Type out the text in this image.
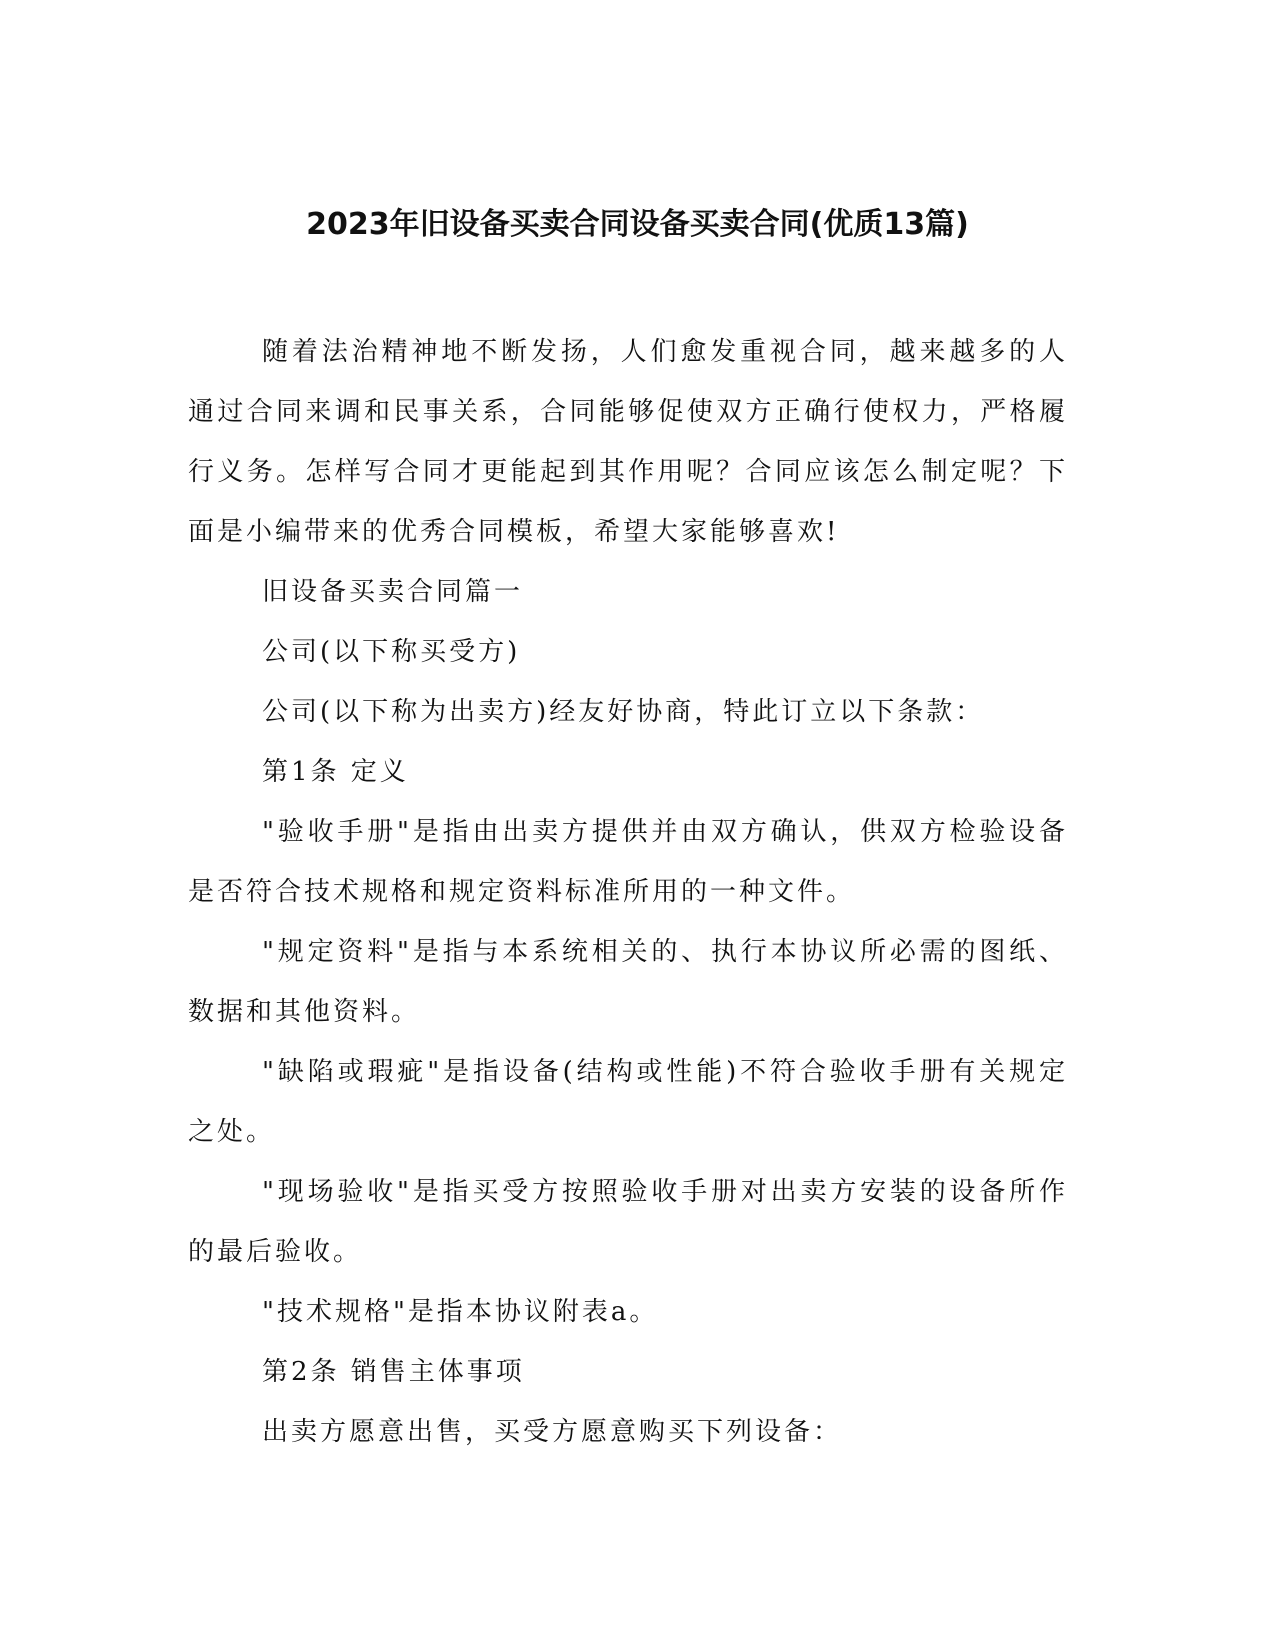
2023年旧设备买卖合同设备买卖合同(优质13篇)

随着法治精神地不断发扬，人们愈发重视合同，越来越多的人通过合同来调和民事关系，合同能够促使双方正确行使权力，严格履行义务。怎样写合同才更能起到其作用呢？合同应该怎么制定呢？下面是小编带来的优秀合同模板，希望大家能够喜欢!

旧设备买卖合同篇一

公司(以下称买受方)

公司(以下称为出卖方)经友好协商，特此订立以下条款：

第1条 定义

"验收手册"是指由出卖方提供并由双方确认，供双方检验设备是否符合技术规格和规定资料标准所用的一种文件。

"规定资料"是指与本系统相关的、执行本协议所必需的图纸、数据和其他资料。

"缺陷或瑕疵"是指设备(结构或性能)不符合验收手册有关规定之处。

"现场验收"是指买受方按照验收手册对出卖方安装的设备所作的最后验收。

"技术规格"是指本协议附表a。

第2条 销售主体事项

出卖方愿意出售，买受方愿意购买下列设备：
